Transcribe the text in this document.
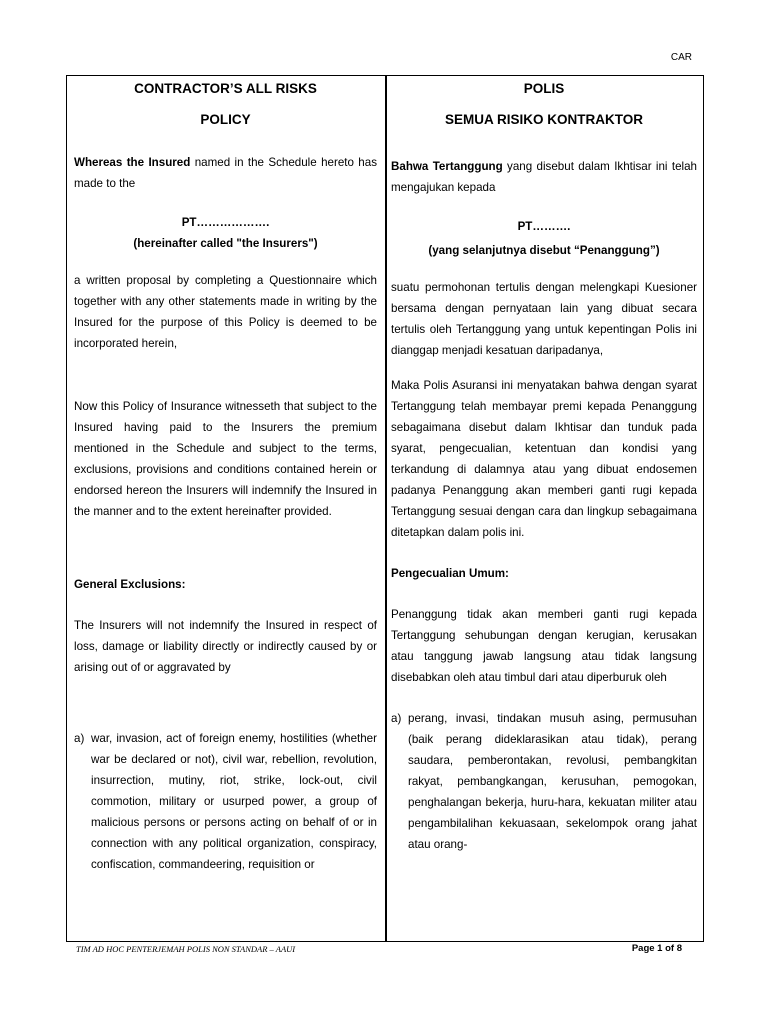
CAR
CONTRACTOR’S ALL RISKS
POLICY

Whereas the Insured named in the Schedule hereto has made to the

PT……………….
(hereinafter called "the Insurers")

a written proposal by completing a Questionnaire which together with any other statements made in writing by the Insured for the purpose of this Policy is deemed to be incorporated herein,

Now this Policy of Insurance witnesseth that subject to the Insured having paid to the Insurers the premium mentioned in the Schedule and subject to the terms, exclusions, provisions and conditions contained herein or endorsed hereon the Insurers will indemnify the Insured in the manner and to the extent hereinafter provided.

General Exclusions:

The Insurers will not indemnify the Insured in respect of loss, damage or liability directly or indirectly caused by or arising out of or aggravated by

a) war, invasion, act of foreign enemy, hostilities (whether war be declared or not), civil war, rebellion, revolution, insurrection, mutiny, riot, strike, lock-out, civil commotion, military or usurped power, a group of malicious persons or persons acting on behalf of or in connection with any political organization, conspiracy, confiscation, commandeering, requisition or
POLIS
SEMUA RISIKO KONTRAKTOR

Bahwa Tertanggung yang disebut dalam Ikhtisar ini telah mengajukan kepada

PT……….
(yang selanjutnya disebut “Penanggung”)

suatu permohonan tertulis dengan melengkapi Kuesioner bersama dengan pernyataan lain yang dibuat secara tertulis oleh Tertanggung yang untuk kepentingan Polis ini dianggap menjadi kesatuan daripadanya,

Maka Polis Asuransi ini menyatakan bahwa dengan syarat Tertanggung telah membayar premi kepada Penanggung sebagaimana disebut dalam Ikhtisar dan tunduk pada syarat, pengecualian, ketentuan dan kondisi yang terkandung di dalamnya atau yang dibuat endosemen padanya Penanggung akan memberi ganti rugi kepada Tertanggung sesuai dengan cara dan lingkup sebagaimana ditetapkan dalam polis ini.

Pengecualian Umum:

Penanggung tidak akan memberi ganti rugi kepada Tertanggung sehubungan dengan kerugian, kerusakan atau tanggung jawab langsung atau tidak langsung disebabkan oleh atau timbul dari atau diperburuk oleh

a) perang, invasi, tindakan musuh asing, permusuhan (baik perang dideklarasikan atau tidak), perang saudara, pemberontakan, revolusi, pembangkitan rakyat, pembangkangan, kerusuhan, pemogokan, penghalangan bekerja, huru-hara, kekuatan militer atau pengambilalihan kekuasaan, sekelompok orang jahat atau orang-
TIM AD HOC PENTERJEMAH POLIS NON STANDAR – AAUI	Page 1 of 8
